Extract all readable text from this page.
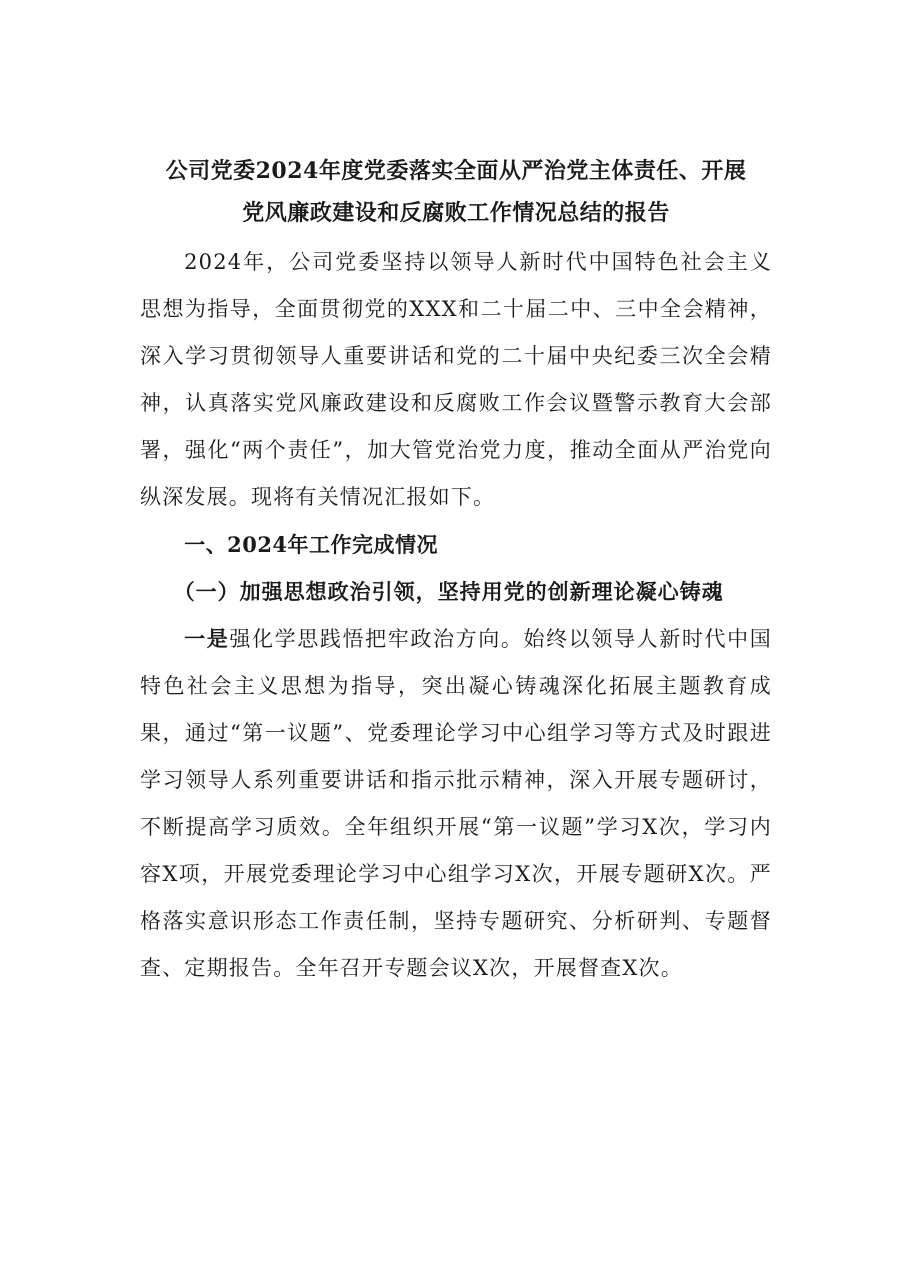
公司党委2024年度党委落实全面从严治党主体责任、开展
党风廉政建设和反腐败工作情况总结的报告

2024年，公司党委坚持以领导人新时代中国特色社会主义思想为指导，全面贯彻党的XXX和二十届二中、三中全会精神，深入学习贯彻领导人重要讲话和党的二十届中央纪委三次全会精神，认真落实党风廉政建设和反腐败工作会议暨警示教育大会部署，强化“两个责任”，加大管党治党力度，推动全面从严治党向纵深发展。现将有关情况汇报如下。

一、2024年工作完成情况
（一）加强思想政治引领，坚持用党的创新理论凝心铸魂

一是强化学思践悟把牢政治方向。始终以领导人新时代中国特色社会主义思想为指导，突出凝心铸魂深化拓展主题教育成果，通过“第一议题”、党委理论学习中心组学习等方式及时跟进学习领导人系列重要讲话和指示批示精神，深入开展专题研讨，不断提高学习质效。全年组织开展“第一议题”学习X次，学习内容X项，开展党委理论学习中心组学习X次，开展专题研X次。严格落实意识形态工作责任制，坚持专题研究、分析研判、专题督查、定期报告。全年召开专题会议X次，开展督查X次。
